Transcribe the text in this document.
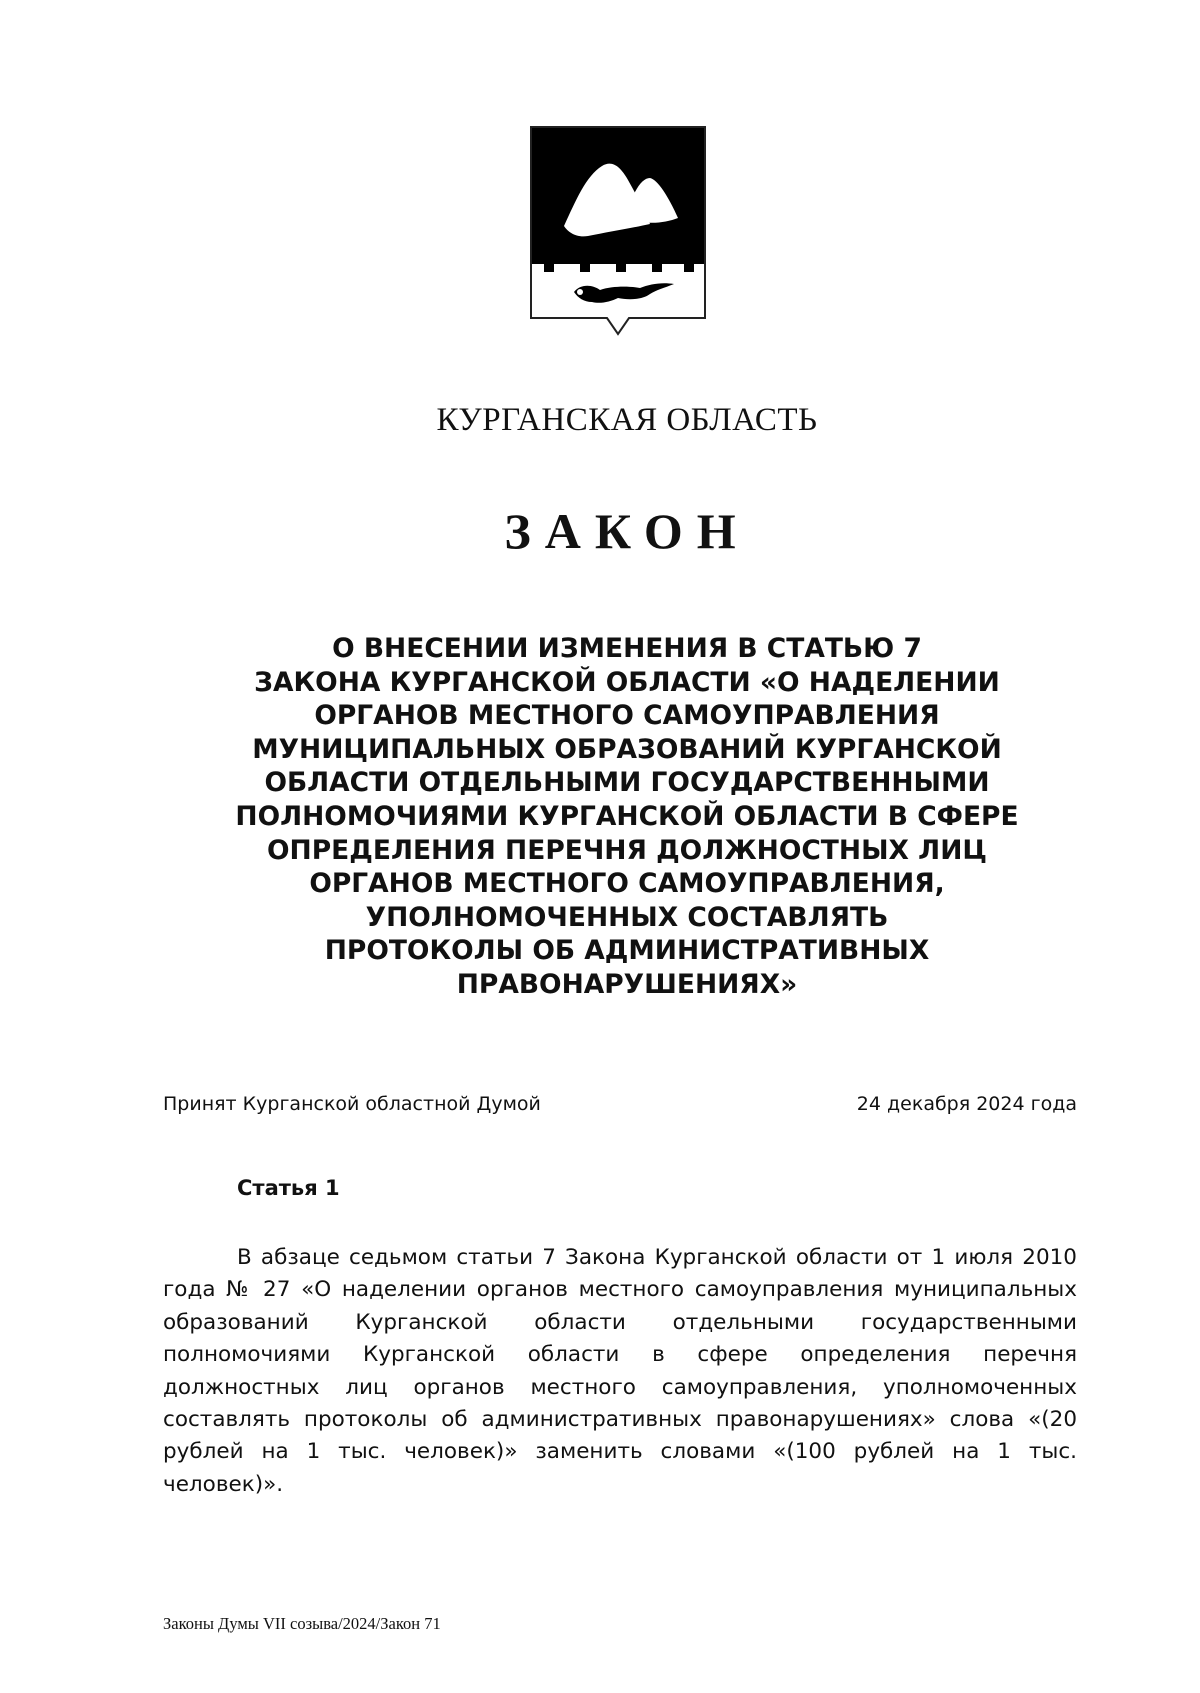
КУРГАНСКАЯ ОБЛАСТЬ
ЗАКОН
О ВНЕСЕНИИ ИЗМЕНЕНИЯ В СТАТЬЮ 7
ЗАКОНА КУРГАНСКОЙ ОБЛАСТИ «О НАДЕЛЕНИИ
ОРГАНОВ МЕСТНОГО САМОУПРАВЛЕНИЯ
МУНИЦИПАЛЬНЫХ ОБРАЗОВАНИЙ КУРГАНСКОЙ
ОБЛАСТИ ОТДЕЛЬНЫМИ ГОСУДАРСТВЕННЫМИ
ПОЛНОМОЧИЯМИ КУРГАНСКОЙ ОБЛАСТИ В СФЕРЕ
ОПРЕДЕЛЕНИЯ ПЕРЕЧНЯ ДОЛЖНОСТНЫХ ЛИЦ
ОРГАНОВ МЕСТНОГО САМОУПРАВЛЕНИЯ,
УПОЛНОМОЧЕННЫХ СОСТАВЛЯТЬ
ПРОТОКОЛЫ ОБ АДМИНИСТРАТИВНЫХ
ПРАВОНАРУШЕНИЯХ»
Принят Курганской областной Думой	24 декабря 2024 года
Статья 1

В абзаце седьмом статьи 7 Закона Курганской области от 1 июля 2010 года № 27 «О наделении органов местного самоуправления муниципальных образований Курганской области отдельными государственными полномочиями Курганской области в сфере определения перечня должностных лиц органов местного самоуправления, уполномоченных составлять протоколы об административных правонарушениях» слова «(20 рублей на 1 тыс. человек)» заменить словами «(100 рублей на 1 тыс. человек)».

Законы Думы VII созыва/2024/Закон 71
